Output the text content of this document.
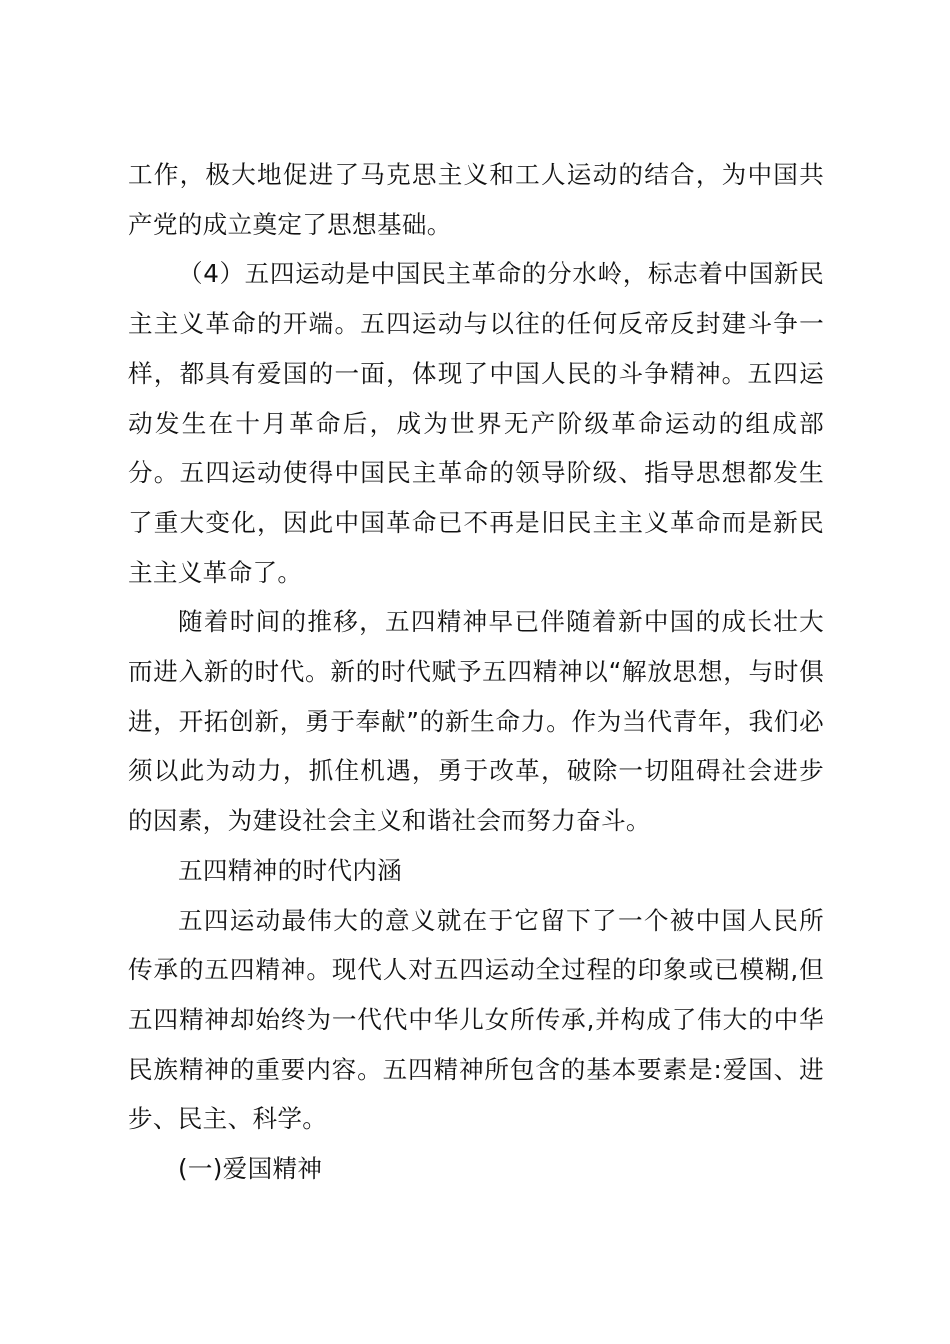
工作，极大地促进了马克思主义和工人运动的结合，为中国共产党的成立奠定了思想基础。

（4）五四运动是中国民主革命的分水岭，标志着中国新民主主义革命的开端。五四运动与以往的任何反帝反封建斗争一样，都具有爱国的一面，体现了中国人民的斗争精神。五四运动发生在十月革命后，成为世界无产阶级革命运动的组成部分。五四运动使得中国民主革命的领导阶级、指导思想都发生了重大变化，因此中国革命已不再是旧民主主义革命而是新民主主义革命了。

随着时间的推移，五四精神早已伴随着新中国的成长壮大而进入新的时代。新的时代赋予五四精神以“解放思想，与时俱进，开拓创新，勇于奉献”的新生命力。作为当代青年，我们必须以此为动力，抓住机遇，勇于改革，破除一切阻碍社会进步的因素，为建设社会主义和谐社会而努力奋斗。

五四精神的时代内涵

五四运动最伟大的意义就在于它留下了一个被中国人民所传承的五四精神。现代人对五四运动全过程的印象或已模糊,但五四精神却始终为一代代中华儿女所传承,并构成了伟大的中华民族精神的重要内容。五四精神所包含的基本要素是:爱国、进步、民主、科学。

(一)爱国精神
